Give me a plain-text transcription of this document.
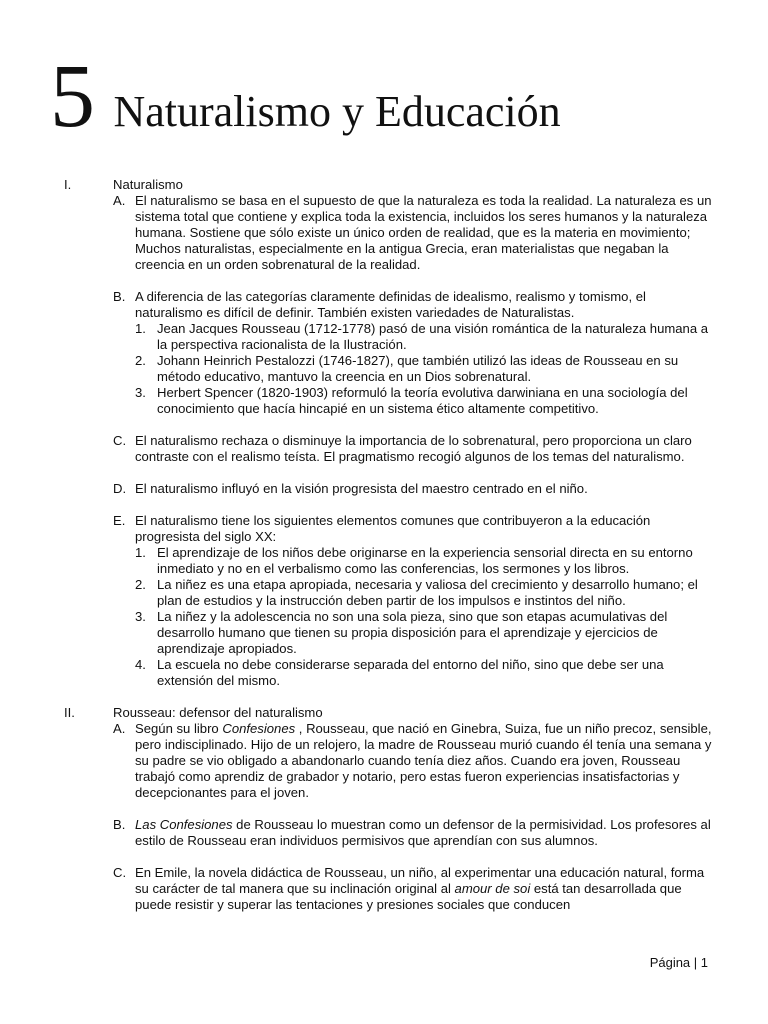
5 Naturalismo y Educación
I.	Naturalismo
A. El naturalismo se basa en el supuesto de que la naturaleza es toda la realidad. La naturaleza es un sistema total que contiene y explica toda la existencia, incluidos los seres humanos y la naturaleza humana. Sostiene que sólo existe un único orden de realidad, que es la materia en movimiento; Muchos naturalistas, especialmente en la antigua Grecia, eran materialistas que negaban la creencia en un orden sobrenatural de la realidad.
B. A diferencia de las categorías claramente definidas de idealismo, realismo y tomismo, el naturalismo es difícil de definir. También existen variedades de Naturalistas.
1. Jean Jacques Rousseau (1712-1778) pasó de una visión romántica de la naturaleza humana a la perspectiva racionalista de la Ilustración.
2. Johann Heinrich Pestalozzi (1746-1827), que también utilizó las ideas de Rousseau en su método educativo, mantuvo la creencia en un Dios sobrenatural.
3. Herbert Spencer (1820-1903) reformuló la teoría evolutiva darwiniana en una sociología del conocimiento que hacía hincapié en un sistema ético altamente competitivo.
C. El naturalismo rechaza o disminuye la importancia de lo sobrenatural, pero proporciona un claro contraste con el realismo teísta. El pragmatismo recogió algunos de los temas del naturalismo.
D. El naturalismo influyó en la visión progresista del maestro centrado en el niño.
E. El naturalismo tiene los siguientes elementos comunes que contribuyeron a la educación progresista del siglo XX:
1. El aprendizaje de los niños debe originarse en la experiencia sensorial directa en su entorno inmediato y no en el verbalismo como las conferencias, los sermones y los libros.
2. La niñez es una etapa apropiada, necesaria y valiosa del crecimiento y desarrollo humano; el plan de estudios y la instrucción deben partir de los impulsos e instintos del niño.
3. La niñez y la adolescencia no son una sola pieza, sino que son etapas acumulativas del desarrollo humano que tienen su propia disposición para el aprendizaje y ejercicios de aprendizaje apropiados.
4. La escuela no debe considerarse separada del entorno del niño, sino que debe ser una extensión del mismo.
II.	Rousseau: defensor del naturalismo
A. Según su libro Confesiones , Rousseau, que nació en Ginebra, Suiza, fue un niño precoz, sensible, pero indisciplinado. Hijo de un relojero, la madre de Rousseau murió cuando él tenía una semana y su padre se vio obligado a abandonarlo cuando tenía diez años. Cuando era joven, Rousseau trabajó como aprendiz de grabador y notario, pero estas fueron experiencias insatisfactorias y decepcionantes para el joven.
B. Las Confesiones de Rousseau lo muestran como un defensor de la permisividad. Los profesores al estilo de Rousseau eran individuos permisivos que aprendían con sus alumnos.
C. En Emile, la novela didáctica de Rousseau, un niño, al experimentar una educación natural, forma su carácter de tal manera que su inclinación original al amour de soi está tan desarrollada que puede resistir y superar las tentaciones y presiones sociales que conducen
Página | 1
